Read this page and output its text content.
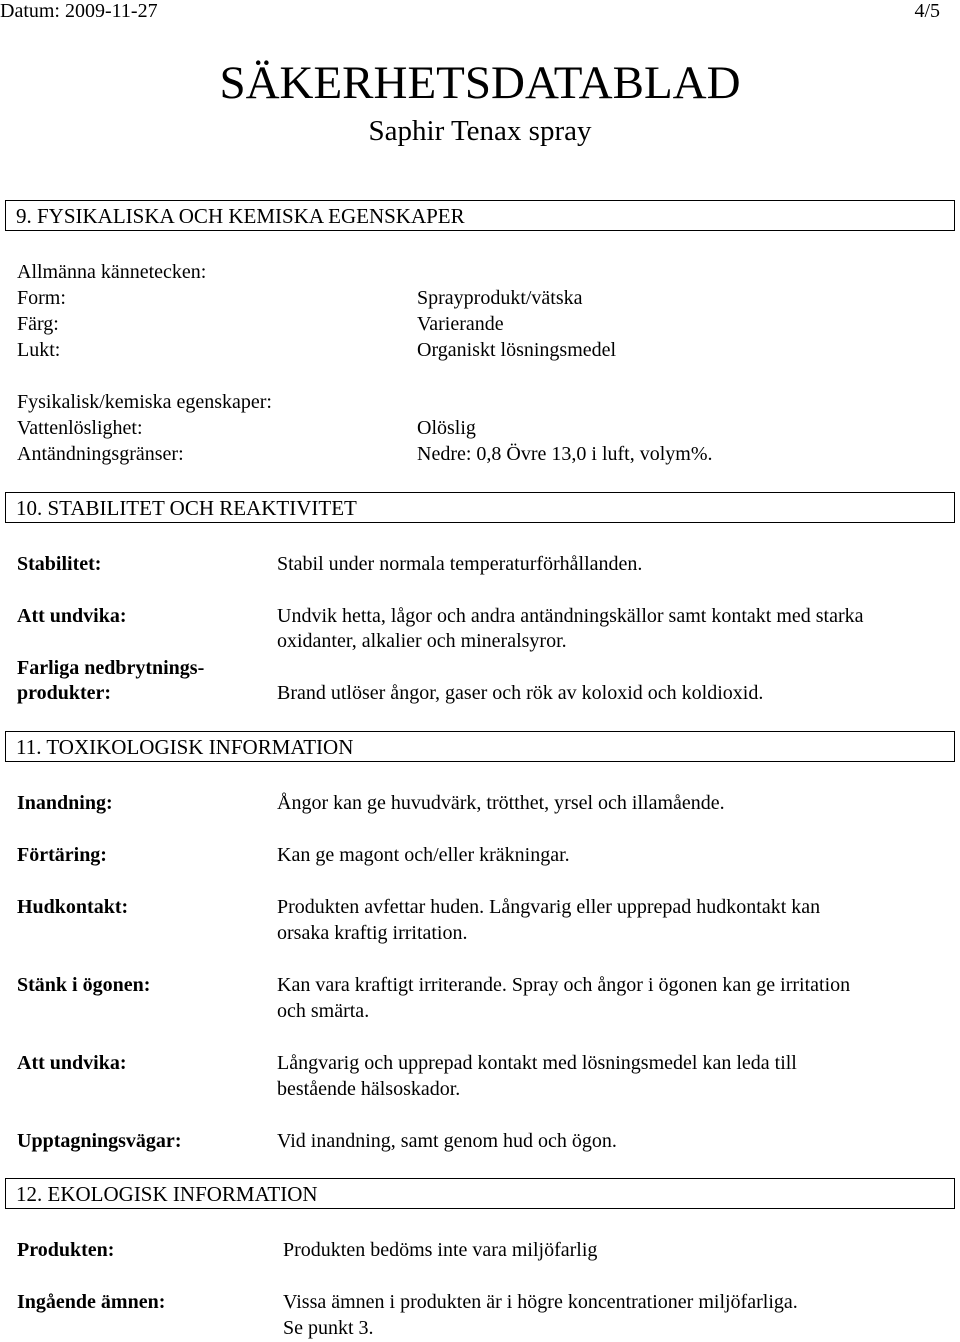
Datum: 2009-11-27	4/5
SÄKERHETSDATABLAD
Saphir Tenax spray
9. FYSIKALISKA OCH KEMISKA EGENSKAPER
Allmänna kännetecken:
Form:	Sprayprodukt/vätska
Färg:	Varierande
Lukt:	Organiskt lösningsmedel
Fysikalisk/kemiska egenskaper:
Vattenlöslighet:	Olöslig
Antändningsgränser:	Nedre: 0,8 Övre 13,0 i luft, volym%.
10. STABILITET OCH REAKTIVITET
Stabilitet:	Stabil under normala temperaturförhållanden.
Att undvika:	Undvik hetta, lågor och andra antändningskällor samt kontakt med starka
oxidanter, alkalier och mineralsyror.
Farliga nedbrytnings-
produkter:	Brand utlöser ångor, gaser och rök av koloxid och koldioxid.
11. TOXIKOLOGISK INFORMATION
Inandning:	Ångor kan ge huvudvärk, trötthet, yrsel och illamående.
Förtäring:	Kan ge magont och/eller kräkningar.
Hudkontakt:	Produkten avfettar huden. Långvarig eller upprepad hudkontakt kan
orsaka kraftig irritation.
Stänk i ögonen:	Kan vara kraftigt irriterande. Spray och ångor i ögonen kan ge irritation
och smärta.
Att undvika:	Långvarig och upprepad kontakt med lösningsmedel kan leda till
bestående hälsoskador.
Upptagningsvägar:	Vid inandning, samt genom hud och ögon.
12. EKOLOGISK INFORMATION
Produkten:	Produkten bedöms inte vara miljöfarlig
Ingående ämnen:	Vissa ämnen i produkten är i högre koncentrationer miljöfarliga.
Se punkt 3.
